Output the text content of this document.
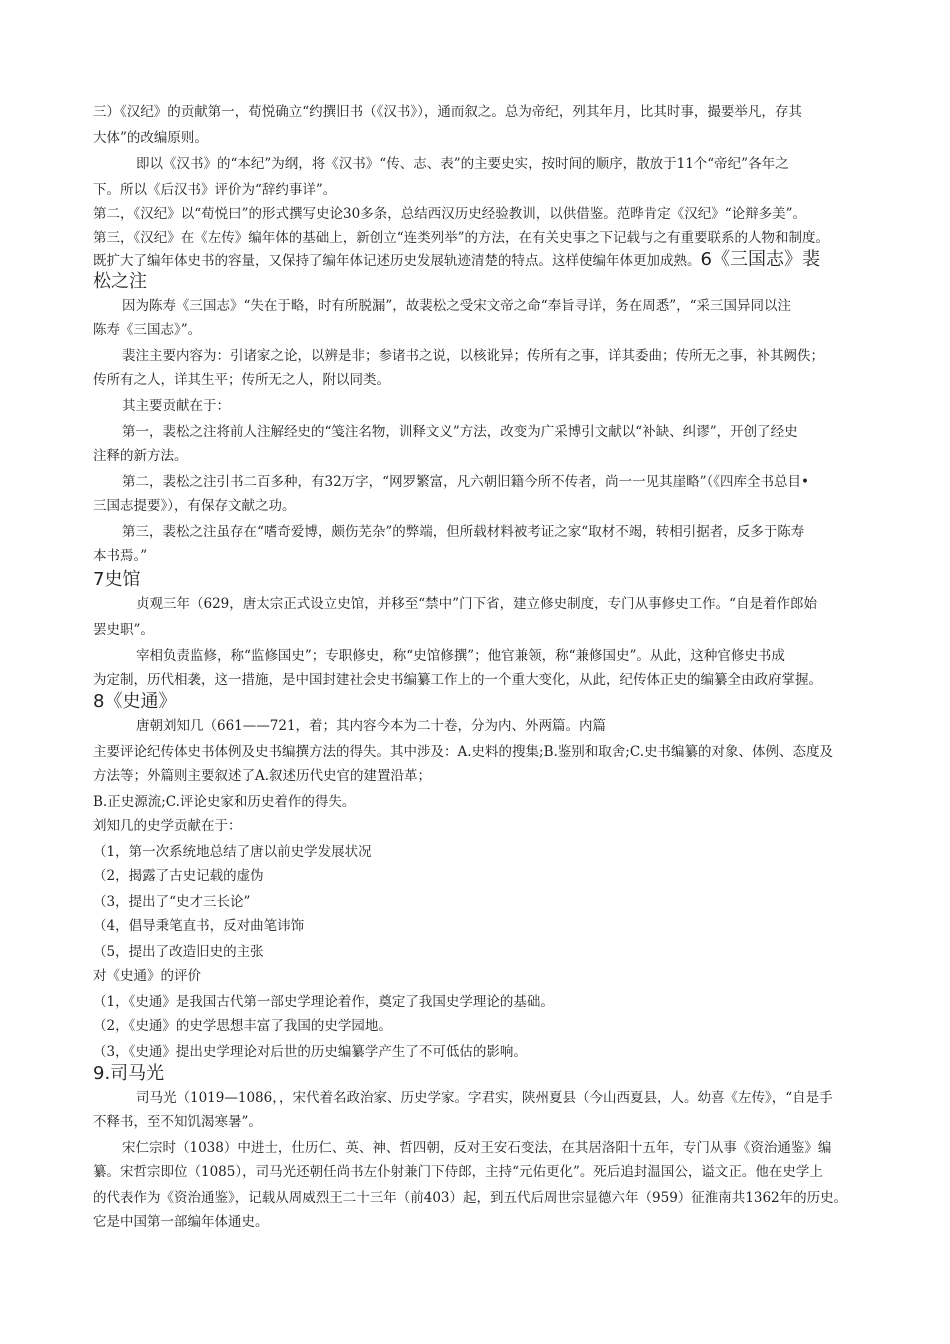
三）《汉纪》的贡献第一，荀悦确立“约撰旧书（《汉书》），通而叙之。总为帝纪，列其年月，比其时事，撮要举凡，存其
大体”的改编原则。
即以《汉书》的“本纪”为纲，将《汉书》“传、志、表”的主要史实，按时间的顺序，散放于11个“帝纪”各年之
下。所以《后汉书》评价为“辞约事详”。
第二，《汉纪》以“荀悦曰”的形式撰写史论30多条，总结西汉历史经验教训，以供借鉴。范晔肯定《汉纪》“论辩多美”。
第三，《汉纪》在《左传》编年体的基础上，新创立“连类列举”的方法，在有关史事之下记载与之有重要联系的人物和制度。
既扩大了编年体史书的容量，又保持了编年体记述历史发展轨迹清楚的特点。这样使编年体更加成熟。6《三国志》裴
松之注
因为陈寿《三国志》“失在于略，时有所脱漏”，故裴松之受宋文帝之命“奉旨寻详，务在周悉”，“采三国异同以注
陈寿《三国志》”。
裴注主要内容为：引诸家之论，以辨是非；参诸书之说，以核讹异；传所有之事，详其委曲；传所无之事，补其阙佚；
传所有之人，详其生平；传所无之人，附以同类。
其主要贡献在于：
第一，裴松之注将前人注解经史的“笺注名物，训释文义”方法，改变为广采博引文献以“补缺、纠谬”，开创了经史
注释的新方法。
第二，裴松之注引书二百多种，有32万字，“网罗繁富，凡六朝旧籍今所不传者，尚一一见其崖略”（《四库全书总目•
三国志提要》），有保存文献之功。
第三，裴松之注虽存在“嗜奇爱博，颇伤芜杂”的弊端，但所载材料被考证之家“取材不竭，转相引据者，反多于陈寿
本书焉。”
7史馆
贞观三年（629，唐太宗正式设立史馆，并移至“禁中”门下省，建立修史制度，专门从事修史工作。“自是着作郎始
罢史职”。
宰相负责监修，称“监修国史”；专职修史，称“史馆修撰”；他官兼领，称“兼修国史”。从此，这种官修史书成
为定制，历代相袭，这一措施，是中国封建社会史书编纂工作上的一个重大变化，从此，纪传体正史的编纂全由政府掌握。
8《史通》
唐朝刘知几（661——721，着；其内容今本为二十卷，分为内、外两篇。内篇
主要评论纪传体史书体例及史书编撰方法的得失。其中涉及：A.史料的搜集;B.鉴别和取舍;C.史书编纂的对象、体例、态度及
方法等；外篇则主要叙述了A.叙述历代史官的建置沿革；
B.正史源流;C.评论史家和历史着作的得失。
刘知几的史学贡献在于：
（1，第一次系统地总结了唐以前史学发展状况
（2，揭露了古史记载的虚伪
（3，提出了“史才三长论”
（4，倡导秉笔直书，反对曲笔讳饰
（5，提出了改造旧史的主张
对《史通》的评价
（1，《史通》是我国古代第一部史学理论着作，奠定了我国史学理论的基础。
（2，《史通》的史学思想丰富了我国的史学园地。
（3，《史通》提出史学理论对后世的历史编纂学产生了不可低估的影响。
9.司马光
司马光（1019—1086，，宋代着名政治家、历史学家。字君实，陕州夏县（今山西夏县，人。幼喜《左传》，“自是手
不释书，至不知饥渴寒暑”。
宋仁宗时（1038）中进士，仕历仁、英、神、哲四朝，反对王安石变法，在其居洛阳十五年，专门从事《资治通鉴》编
纂。宋哲宗即位（1085），司马光还朝任尚书左仆射兼门下侍郎，主持“元佑更化”。死后追封温国公，谥文正。他在史学上
的代表作为《资治通鉴》，记载从周威烈王二十三年（前403）起，到五代后周世宗显德六年（959）征淮南共1362年的历史。
它是中国第一部编年体通史。
